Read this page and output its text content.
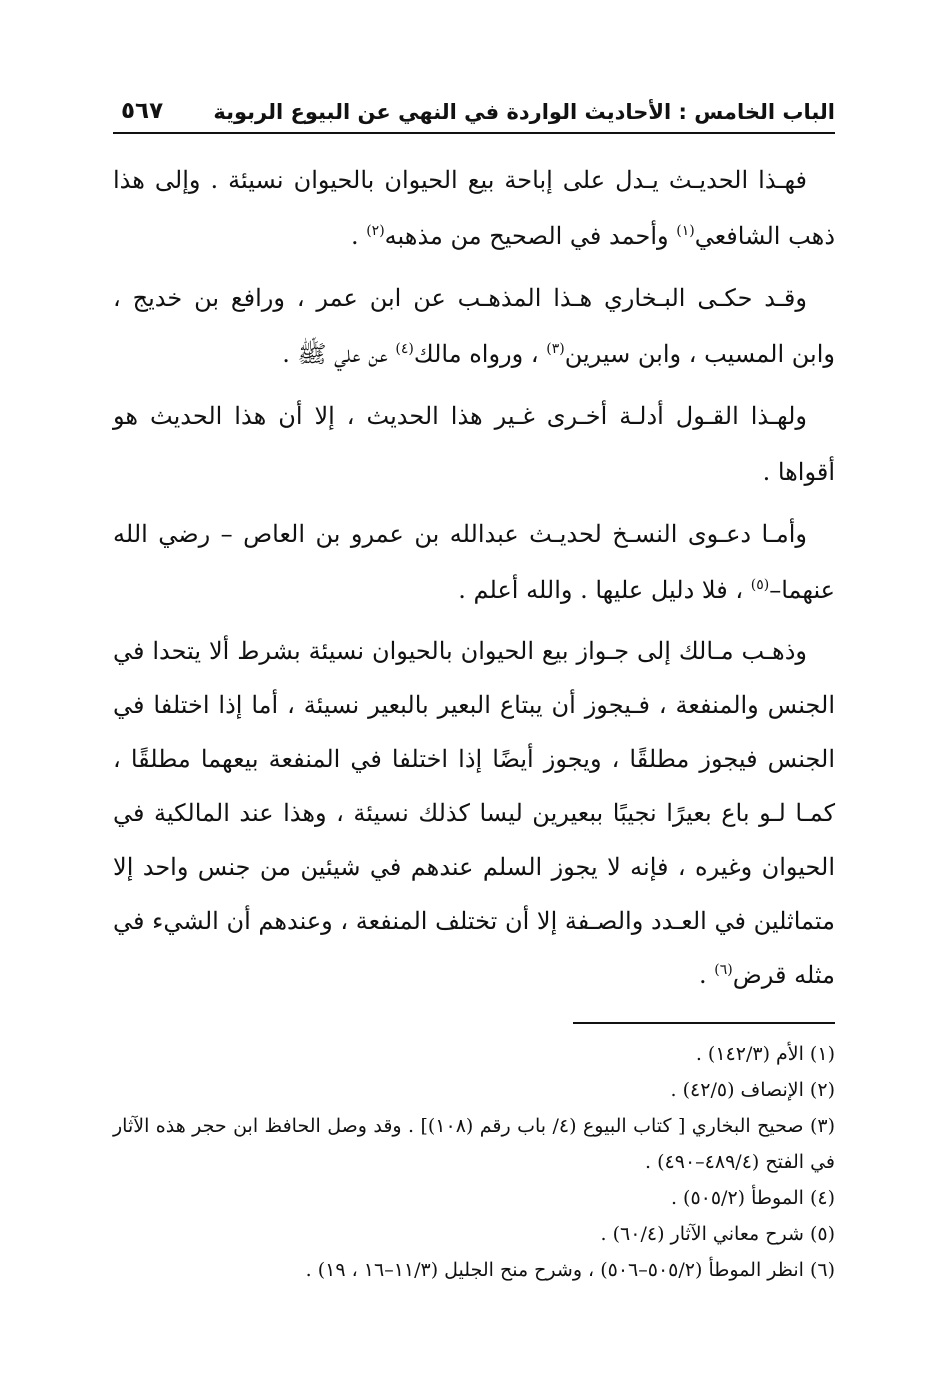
الباب الخامس : الأحاديث الواردة في النهي عن البيوع الربوية
٥٦٧

فهـذا الحديـث يـدل على إباحة بيع الحيوان بالحيوان نسيئة . وإلى هذا ذهب الشافعي$^{(١)}$ وأحمد في الصحيح من مذهبه$^{(٢)}$ .

وقـد حكـى البـخاري هـذا المذهـب عن ابن عمر ، ورافع بن خديج ، وابن المسيب ، وابن سيرين$^{(٣)}$ ، ورواه مالك$^{(٤)}$ عن علي ﷺ .

ولهـذا القـول أدلـة أخـرى غـير هذا الحديث ، إلا أن هذا الحديث هو أقواها .

وأمـا دعـوى النسـخ لحديـث عبدالله بن عمرو بن العاص – رضي الله عنهما–$^{(٥)}$ ، فلا دليل عليها . والله أعلم .

وذهـب مـالك إلى جـواز بيع الحيوان بالحيوان نسيئة بشرط ألا يتحدا في الجنس والمنفعة ، فـيجوز أن يبتاع البعير بالبعير نسيئة ، أما إذا اختلفا في الجنس فيجوز مطلقًا ، ويجوز أيضًا إذا اختلفا في المنفعة بيعهما مطلقًا ، كمـا لـو باع بعيرًا نجيبًا ببعيرين ليسا كذلك نسيئة ، وهذا عند المالكية في الحيوان وغيره ، فإنه لا يجوز السلم عندهم في شيئين من جنس واحد إلا متماثلين في العـدد والصـفة إلا أن تختلف المنفعة ، وعندهم أن الشيء في مثله قرض$^{(٦)}$ .

(١) الأم (١٤٢/٣) .

(٢) الإنصاف (٤٢/٥) .

(٣) صحيح البخاري [ كتاب البيوع (٤/ باب رقم (١٠٨)] . وقد وصل الحافظ ابن حجر هذه الآثار في الفتح (٤٨٩/٤–٤٩٠) .

(٤) الموطأ (٥٠٥/٢) .

(٥) شرح معاني الآثار (٦٠/٤) .

(٦) انظر الموطأ (٥٠٥/٢–٥٠٦) ، وشرح منح الجليل (١١/٣–١٦ ، ١٩) .
